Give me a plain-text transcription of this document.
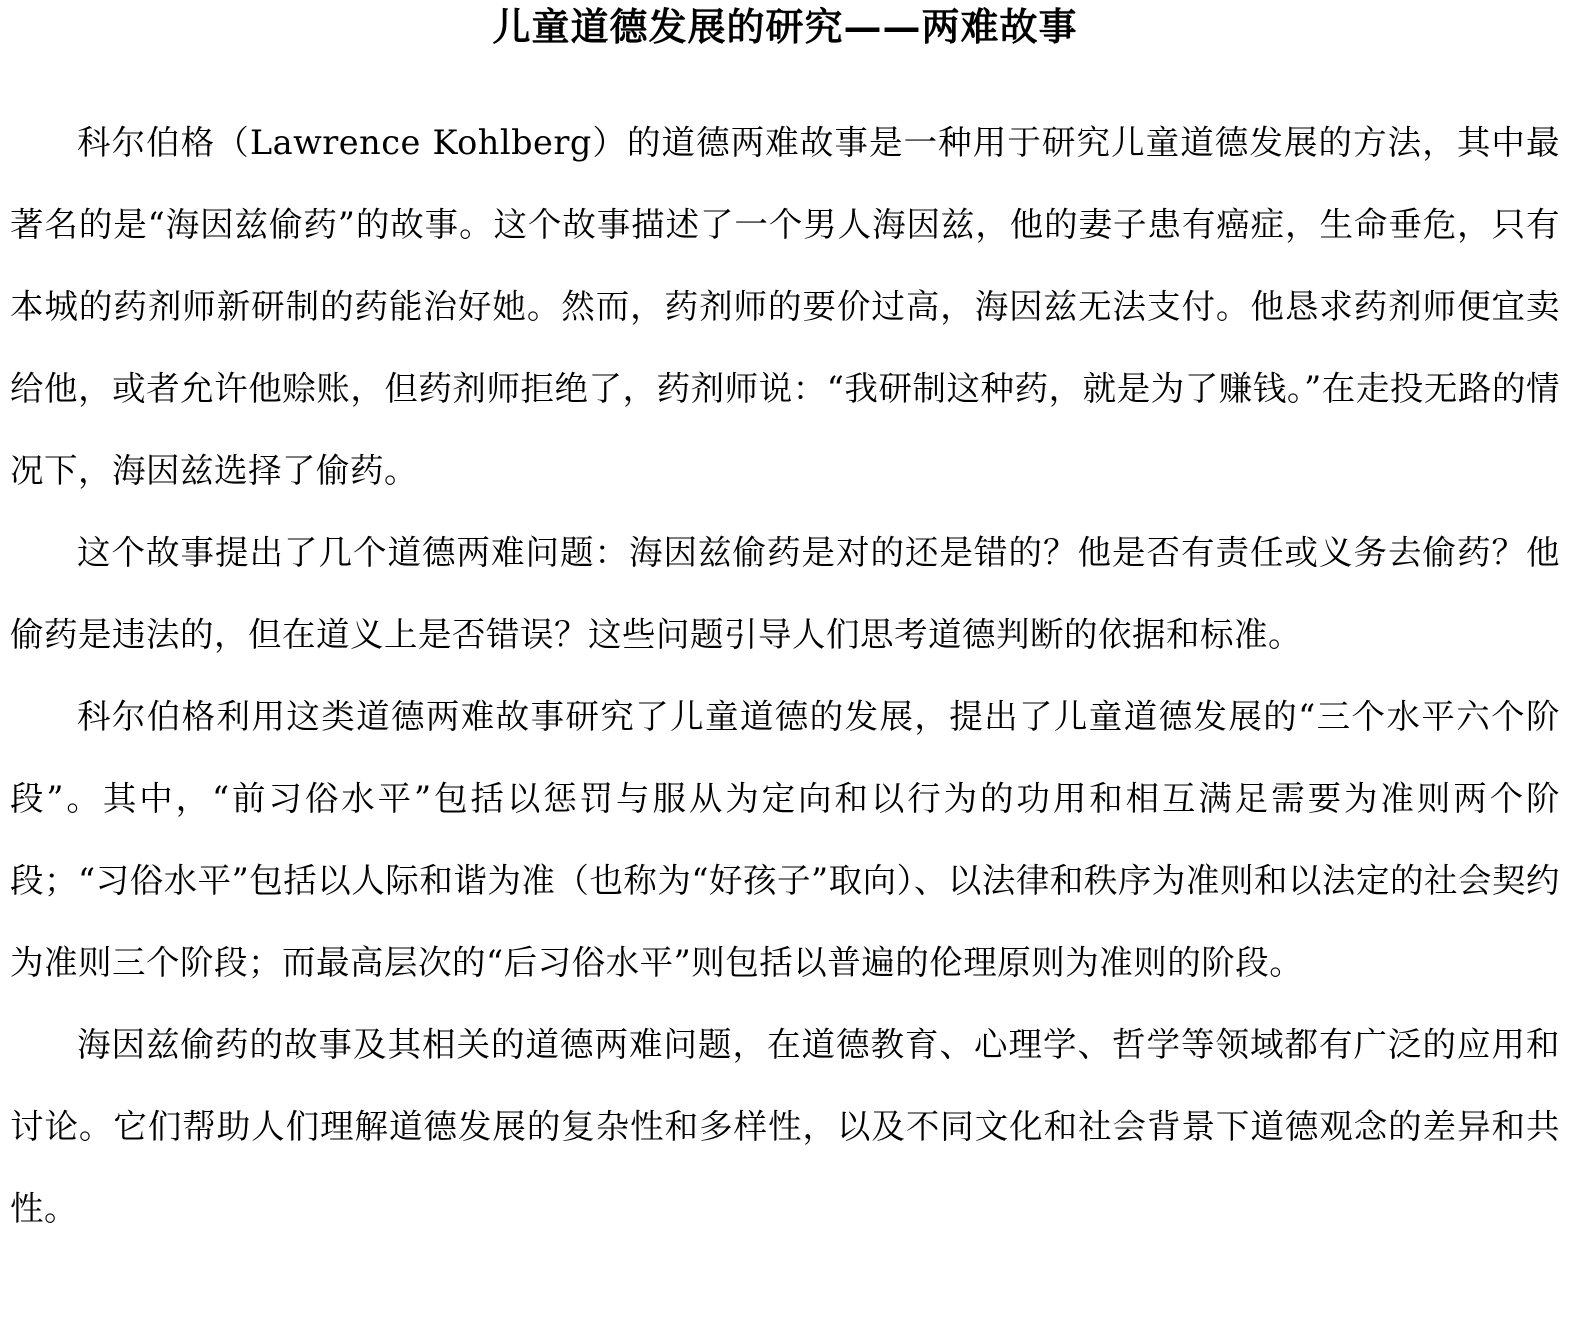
儿童道德发展的研究——两难故事

科尔伯格（Lawrence Kohlberg）的道德两难故事是一种用于研究儿童道德发展的方法，其中最著名的是“海因兹偷药”的故事。这个故事描述了一个男人海因兹，他的妻子患有癌症，生命垂危，只有本城的药剂师新研制的药能治好她。然而，药剂师的要价过高，海因兹无法支付。他恳求药剂师便宜卖给他，或者允许他赊账，但药剂师拒绝了，药剂师说：“我研制这种药，就是为了赚钱。”在走投无路的情况下，海因兹选择了偷药。

这个故事提出了几个道德两难问题：海因兹偷药是对的还是错的？他是否有责任或义务去偷药？他偷药是违法的，但在道义上是否错误？这些问题引导人们思考道德判断的依据和标准。

科尔伯格利用这类道德两难故事研究了儿童道德的发展，提出了儿童道德发展的“三个水平六个阶段”。其中，“前习俗水平”包括以惩罚与服从为定向和以行为的功用和相互满足需要为准则两个阶段；“习俗水平”包括以人际和谐为准（也称为“好孩子”取向）、以法律和秩序为准则和以法定的社会契约为准则三个阶段；而最高层次的“后习俗水平”则包括以普遍的伦理原则为准则的阶段。

海因兹偷药的故事及其相关的道德两难问题，在道德教育、心理学、哲学等领域都有广泛的应用和讨论。它们帮助人们理解道德发展的复杂性和多样性，以及不同文化和社会背景下道德观念的差异和共性。
